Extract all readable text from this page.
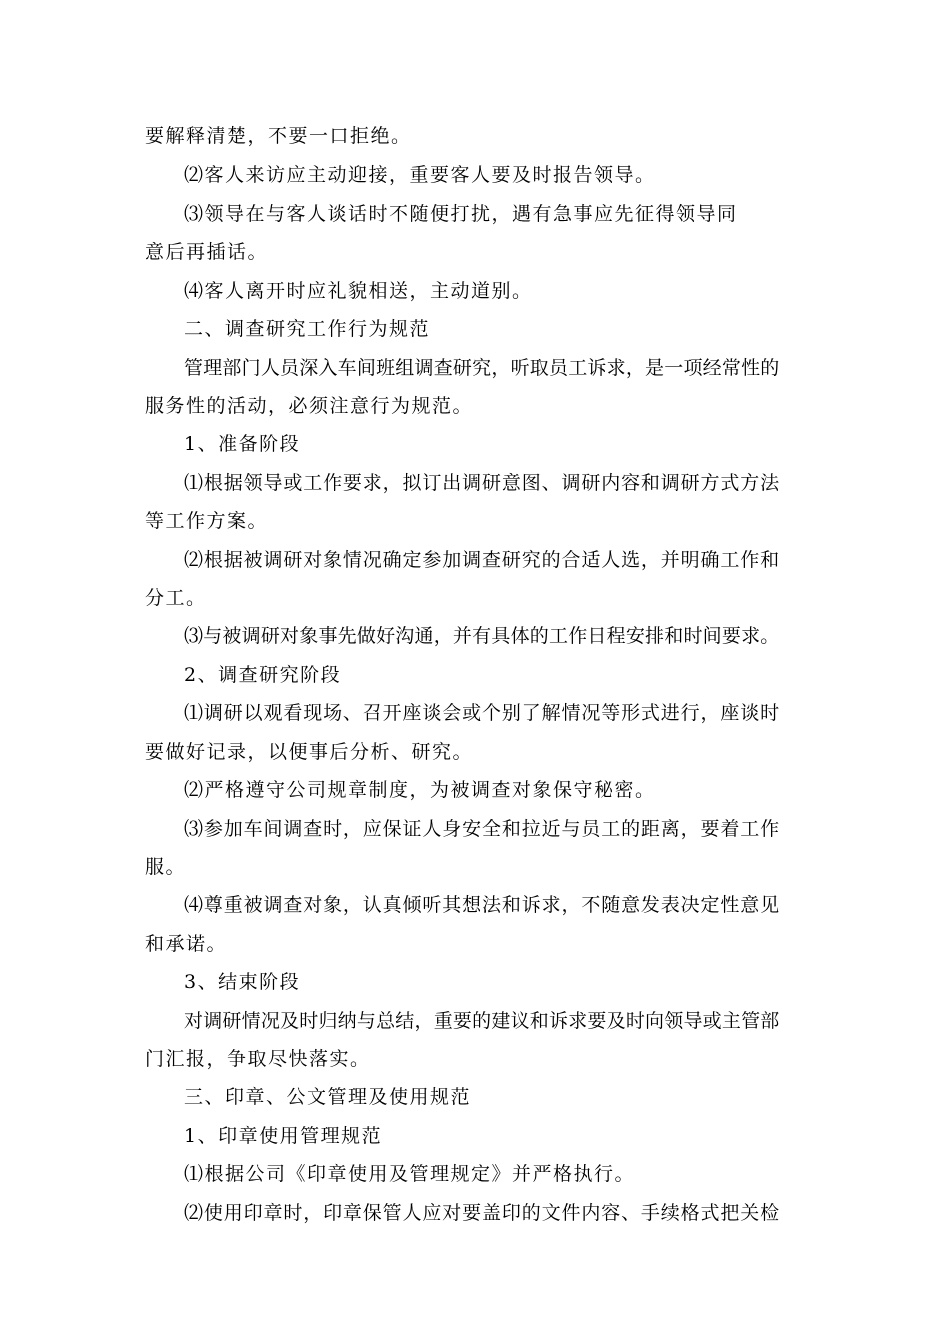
要解释清楚，不要一口拒绝。
⑵客人来访应主动迎接，重要客人要及时报告领导。
⑶领导在与客人谈话时不随便打扰，遇有急事应先征得领导同
意后再插话。
⑷客人离开时应礼貌相送，主动道别。
二、调查研究工作行为规范
管理部门人员深入车间班组调查研究，听取员工诉求，是一项经常性的
服务性的活动，必须注意行为规范。
1、准备阶段
⑴根据领导或工作要求，拟订出调研意图、调研内容和调研方式方法
等工作方案。
⑵根据被调研对象情况确定参加调查研究的合适人选，并明确工作和
分工。
⑶与被调研对象事先做好沟通，并有具体的工作日程安排和时间要求。
2、调查研究阶段
⑴调研以观看现场、召开座谈会或个别了解情况等形式进行，座谈时
要做好记录，以便事后分析、研究。
⑵严格遵守公司规章制度，为被调查对象保守秘密。
⑶参加车间调查时，应保证人身安全和拉近与员工的距离，要着工作
服。
⑷尊重被调查对象，认真倾听其想法和诉求，不随意发表决定性意见
和承诺。
3、结束阶段
对调研情况及时归纳与总结，重要的建议和诉求要及时向领导或主管部
门汇报，争取尽快落实。
三、印章、公文管理及使用规范
1、印章使用管理规范
⑴根据公司《印章使用及管理规定》并严格执行。
⑵使用印章时，印章保管人应对要盖印的文件内容、手续格式把关检
